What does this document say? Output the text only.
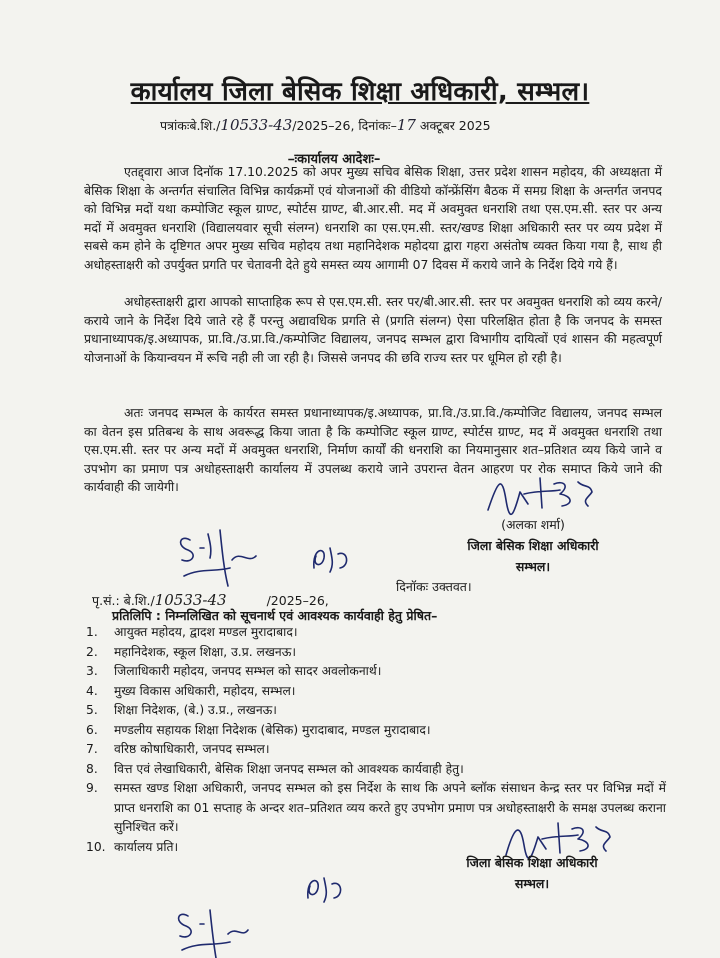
कार्यालय जिला बेसिक शिक्षा अधिकारी, सम्भल।
पत्रांकःबे.शि./10533-43/2025–26, दिनांकः–17 अक्टूबर 2025
–ःकार्यालय आदेशः–
एतद्द्वारा आज दिनॉक 17.10.2025 को अपर मुख्य सचिव बेसिक शिक्षा, उत्तर प्रदेश शासन महोदय, की अध्यक्षता में बेसिक शिक्षा के अन्तर्गत संचालित विभिन्न कार्यक्रमों एवं योजनाओं की वीडियो कॉन्फ्रेंसिंग बैठक में समग्र शिक्षा के अन्तर्गत जनपद को विभिन्न मदों यथा कम्पोजिट स्कूल ग्राण्ट, स्पोर्टस ग्राण्ट, बी.आर.सी. मद में अवमुक्त धनराशि तथा एस.एम.सी. स्तर पर अन्य मदों में अवमुक्त धनराशि (विद्यालयवार सूची संलग्न) धनराशि का एस.एम.सी. स्तर/खण्ड शिक्षा अधिकारी स्तर पर व्यय प्रदेश में सबसे कम होने के दृष्टिगत अपर मुख्य सचिव महोदय तथा महानिदेशक महोदया द्वारा गहरा असंतोष व्यक्त किया गया है, साथ ही अधोहस्ताक्षरी को उपर्युक्त प्रगति पर चेतावनी देते हुये समस्त व्यय आगामी 07 दिवस में कराये जाने के निर्देश दिये गये हैं।
अधोहस्ताक्षरी द्वारा आपको साप्ताहिक रूप से एस.एम.सी. स्तर पर/बी.आर.सी. स्तर पर अवमुक्त धनराशि को व्यय करने/कराये जाने के निर्देश दिये जाते रहे हैं परन्तु अद्यावधिक प्रगति से (प्रगति संलग्न) ऐसा परिलक्षित होता है कि जनपद के समस्त प्रधानाध्यापक/इ.अध्यापक, प्रा.वि./उ.प्रा.वि./कम्पोजिट विद्यालय, जनपद सम्भल द्वारा विभागीय दायित्वों एवं शासन की महत्वपूर्ण योजनाओं के कियान्वयन में रूचि नही ली जा रही है। जिससे जनपद की छवि राज्य स्तर पर धूमिल हो रही है।
अतः जनपद सम्भल के कार्यरत समस्त प्रधानाध्यापक/इ.अध्यापक, प्रा.वि./उ.प्रा.वि./कम्पोजिट विद्यालय, जनपद सम्भल का वेतन इस प्रतिबन्ध के साथ अवरूद्ध किया जाता है कि कम्पोजिट स्कूल ग्राण्ट, स्पोर्टस ग्राण्ट, मद में अवमुक्त धनराशि तथा एस.एम.सी. स्तर पर अन्य मदों में अवमुक्त धनराशि, निर्माण कार्यों की धनराशि का नियमानुसार शत–प्रतिशत व्यय किये जाने व उपभोग का प्रमाण पत्र अधोहस्ताक्षरी कार्यालय में उपलब्ध कराये जाने उपरान्त वेतन आहरण पर रोक समाप्त किये जाने की कार्यवाही की जायेगी।
(अलका शर्मा)
जिला बेसिक शिक्षा अधिकारी
सम्भल।
पृ.सं.: बे.शि./10533-43	/2025–26,
दिनॉकः उक्तवत।
प्रतिलिपि : निम्नलिखित को सूचनार्थ एवं आवश्यक कार्यवाही हेतु प्रेषित–
1. आयुक्त महोदय, द्वादश मण्डल मुरादाबाद।
2. महानिदेशक, स्कूल शिक्षा, उ.प्र. लखनऊ।
3. जिलाधिकारी महोदय, जनपद सम्भल को सादर अवलोकनार्थ।
4. मुख्य विकास अधिकारी, महोदय, सम्भल।
5. शिक्षा निदेशक, (बे.) उ.प्र., लखनऊ।
6. मण्डलीय सहायक शिक्षा निदेशक (बेसिक) मुरादाबाद, मण्डल मुरादाबाद।
7. वरिष्ठ कोषाधिकारी, जनपद सम्भल।
8. वित्त एवं लेखाधिकारी, बेसिक शिक्षा जनपद सम्भल को आवश्यक कार्यवाही हेतु।
9. समस्त खण्ड शिक्षा अधिकारी, जनपद सम्भल को इस निर्देश के साथ कि अपने ब्लॉक संसाधन केन्द्र स्तर पर विभिन्न मदों में प्राप्त धनराशि का 01 सप्ताह के अन्दर शत–प्रतिशत व्यय करते हुए उपभोग प्रमाण पत्र अधोहस्ताक्षरी के समक्ष उपलब्ध कराना सुनिश्चित करें।
10. कार्यालय प्रति।
जिला बेसिक शिक्षा अधिकारी
सम्भल।
